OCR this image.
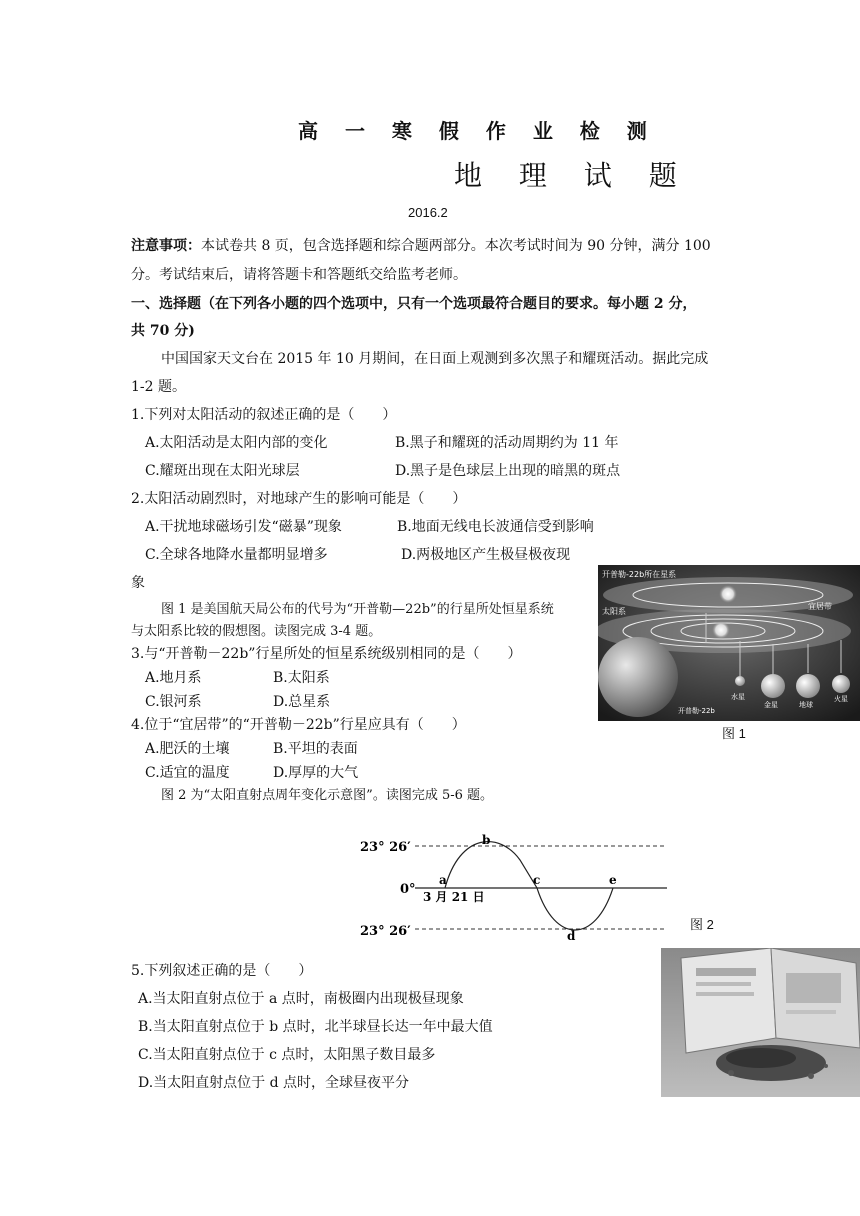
高 一 寒 假 作 业 检 测
地 理 试 题
2016.2
注意事项：本试卷共 8 页，包含选择题和综合题两部分。本次考试时间为 90 分钟，满分 100
分。考试结束后，请将答题卡和答题纸交给监考老师。
一、选择题（在下列各小题的四个选项中，只有一个选项最符合题目的要求。每小题 2 分，
共 70 分)
中国国家天文台在 2015 年 10 月期间，在日面上观测到多次黑子和耀斑活动。据此完成
1-2 题。
1.下列对太阳活动的叙述正确的是（　　）
A.太阳活动是太阳内部的变化	B.黑子和耀斑的活动周期约为 11 年
C.耀斑出现在太阳光球层	D.黑子是色球层上出现的暗黑的斑点
2.太阳活动剧烈时，对地球产生的影响可能是（　　）
A.干扰地球磁场引发“磁暴”现象	B.地面无线电长波通信受到影响
C.全球各地降水量都明显增多	D.两极地区产生极昼极夜现
象
图 1 是美国航天局公布的代号为“开普勒—22b”的行星所处恒星系统
与太阳系比较的假想图。读图完成 3-4 题。
3.与“开普勒－22b”行星所处的恒星系统级别相同的是（　　）
A.地月系	B.太阳系
C.银河系	D.总星系
4.位于“宜居带”的“开普勒－22b”行星应具有（　　）
A.肥沃的土壤	B.平坦的表面
C.适宜的温度	D.厚厚的大气
图 2 为“太阳直射点周年变化示意图”。读图完成 5-6 题。
开普勒-22b所在星系
宜居带
太阳系
水星
金星	地球
火星
开普勒-22b
图 1
23° 26′
0°
23° 26′
a
b
c
d
e
3 月 21 日
图 2
5.下列叙述正确的是（　　）
A.当太阳直射点位于 a 点时，南极圈内出现极昼现象
B.当太阳直射点位于 b 点时，北半球昼长达一年中最大值
C.当太阳直射点位于 c 点时，太阳黑子数目最多
D.当太阳直射点位于 d 点时，全球昼夜平分
